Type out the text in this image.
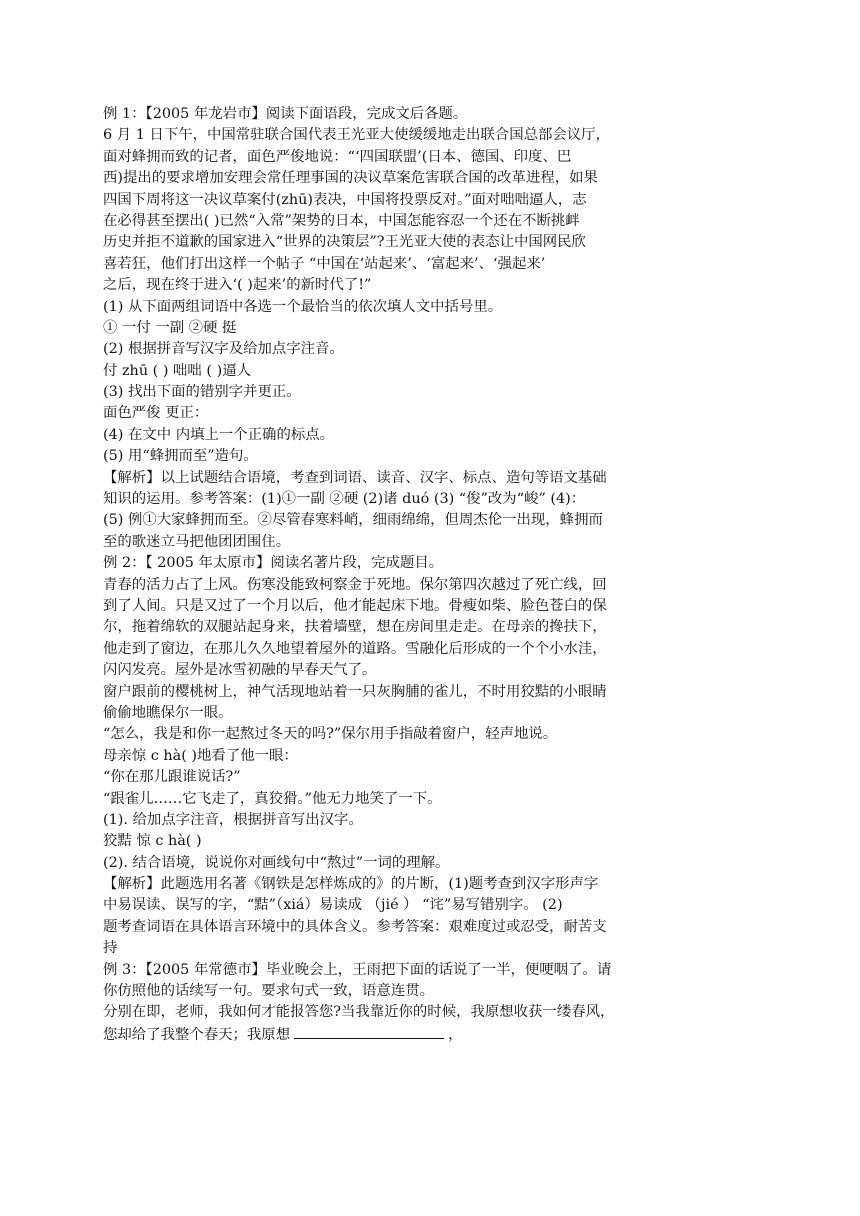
例 1：【2005 年龙岩市】阅读下面语段，完成文后各题。
6 月 1 日下午，中国常驻联合国代表王光亚大使缓缓地走出联合国总部会议厅，
面对蜂拥而致的记者，面色严俊地说：“‘四国联盟’(日本、德国、印度、巴
西)提出的要求增加安理会常任理事国的决议草案危害联合国的改革进程，如果
四国下周将这一决议草案付(zhū)表决，中国将投票反对。”面对咄咄逼人，志
在必得甚至摆出( )已然“入常”架势的日本，中国怎能容忍一个还在不断挑衅
历史并拒不道歉的国家进入“世界的决策层”?王光亚大使的表态让中国网民欣
喜若狂，他们打出这样一个帖子 “中国在‘站起来’、‘富起来’、‘强起来’
之后，现在终于进入‘( )起来’的新时代了!”
(1) 从下面两组词语中各选一个最恰当的依次填人文中括号里。
① 一付 一副 ②硬 挺
(2) 根据拼音写汉字及给加点字注音。
付 zhū ( ) 咄咄 ( )逼人
(3) 找出下面的错别字并更正。
面色严俊 更正：
(4) 在文中 内填上一个正确的标点。
(5) 用“蜂拥而至”造句。
【解析】以上试题结合语境，考查到词语、读音、汉字、标点、造句等语文基础
知识的运用。参考答案：(1)①一副 ②硬 (2)诸 duó (3) “俊”改为“峻” (4)：
(5) 例①大家蜂拥而至。②尽管春寒料峭，细雨绵绵，但周杰伦一出现，蜂拥而
至的歌迷立马把他团团围住。
例 2：【 2005 年太原市】阅读名著片段，完成题目。
青春的活力占了上风。伤寒没能致柯察金于死地。保尔第四次越过了死亡线，回
到了人间。只是又过了一个月以后，他才能起床下地。骨瘦如柴、脸色苍白的保
尔，拖着绵软的双腿站起身来，扶着墙壁，想在房间里走走。在母亲的搀扶下，
他走到了窗边，在那儿久久地望着屋外的道路。雪融化后形成的一个个小水洼，
闪闪发亮。屋外是冰雪初融的早春天气了。
窗户跟前的樱桃树上，神气活现地站着一只灰胸脯的雀儿，不时用狡黠的小眼睛
偷偷地瞧保尔一眼。
“怎么，我是和你一起熬过冬天的吗?”保尔用手指敲着窗户，轻声地说。
母亲惊 c hà( )地看了他一眼：
“你在那儿跟谁说话?”
“跟雀儿……它飞走了，真狡猾。”他无力地笑了一下。
(1). 给加点字注音，根据拼音写出汉字。
狡黠 惊 c hà( )
(2). 结合语境，说说你对画线句中“熬过”一词的理解。
【解析】此题选用名著《钢铁是怎样炼成的》的片断，(1)题考查到汉字形声字
中易误读、误写的字，“黠”（xiá）易读成 （jié ） “诧”易写错别字。 (2)
题考查词语在具体语言环境中的具体含义。参考答案：艰难度过或忍受，耐苦支
持
例 3：【2005 年常德市】毕业晚会上，王雨把下面的话说了一半，便哽咽了。请
你仿照他的话续写一句。要求句式一致，语意连贯。
分别在即，老师，我如何才能报答您?当我靠近你的时候，我原想收获一缕春风，
您却给了我整个春天；我原想	，
